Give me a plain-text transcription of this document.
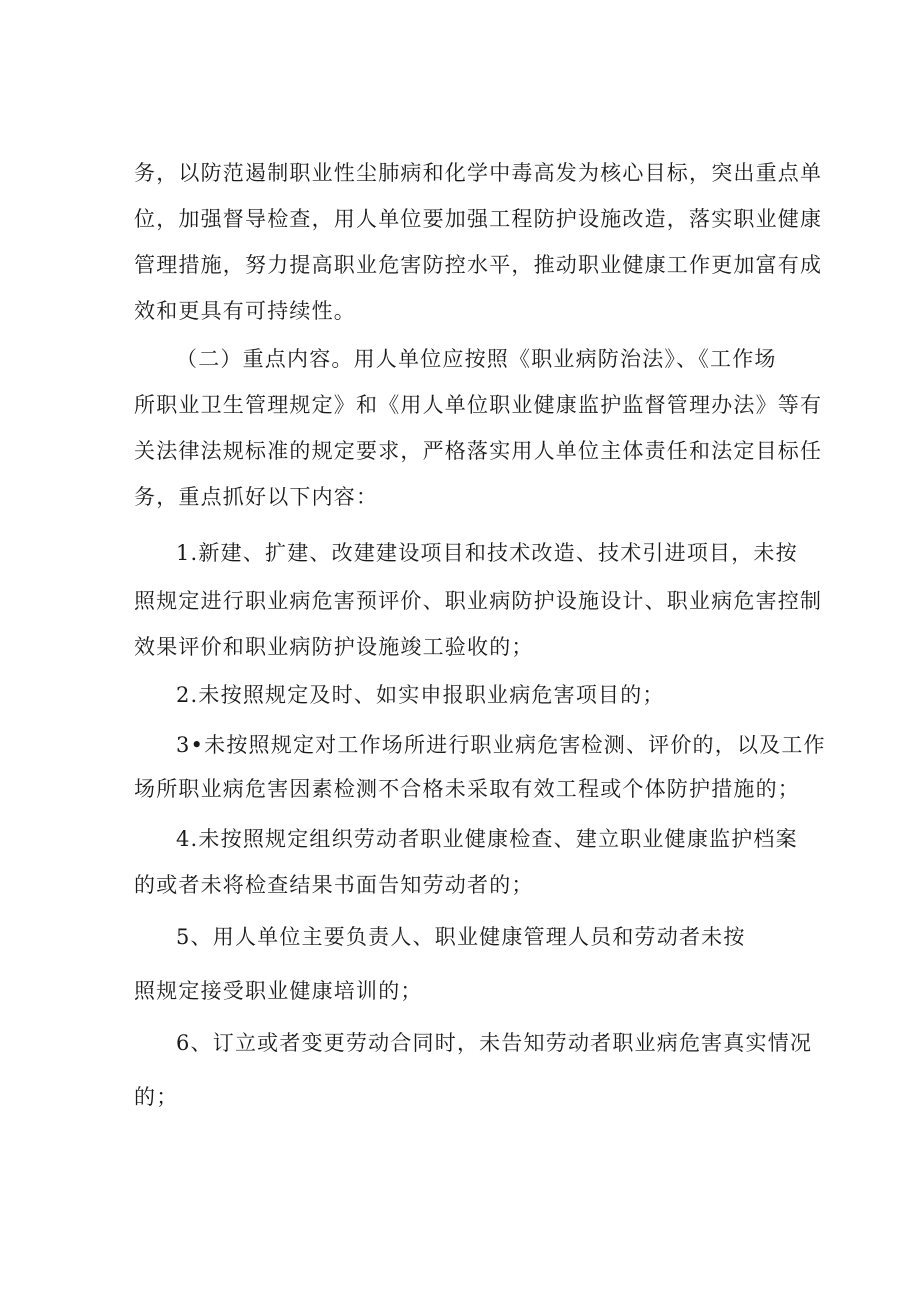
务，以防范遏制职业性尘肺病和化学中毒高发为核心目标，突出重点单
位，加强督导检查，用人单位要加强工程防护设施改造，落实职业健康
管理措施，努力提高职业危害防控水平，推动职业健康工作更加富有成
效和更具有可持续性。
（二）重点内容。用人单位应按照《职业病防治法》、《工作场
所职业卫生管理规定》和《用人单位职业健康监护监督管理办法》等有
关法律法规标准的规定要求，严格落实用人单位主体责任和法定目标任
务，重点抓好以下内容：
1.新建、扩建、改建建设项目和技术改造、技术引进项目，未按
照规定进行职业病危害预评价、职业病防护设施设计、职业病危害控制
效果评价和职业病防护设施竣工验收的；
2.未按照规定及时、如实申报职业病危害项目的；
3•未按照规定对工作场所进行职业病危害检测、评价的，以及工作
场所职业病危害因素检测不合格未采取有效工程或个体防护措施的；
4.未按照规定组织劳动者职业健康检查、建立职业健康监护档案
的或者未将检查结果书面告知劳动者的；
5、用人单位主要负责人、职业健康管理人员和劳动者未按
照规定接受职业健康培训的；
6、订立或者变更劳动合同时，未告知劳动者职业病危害真实情况
的；
